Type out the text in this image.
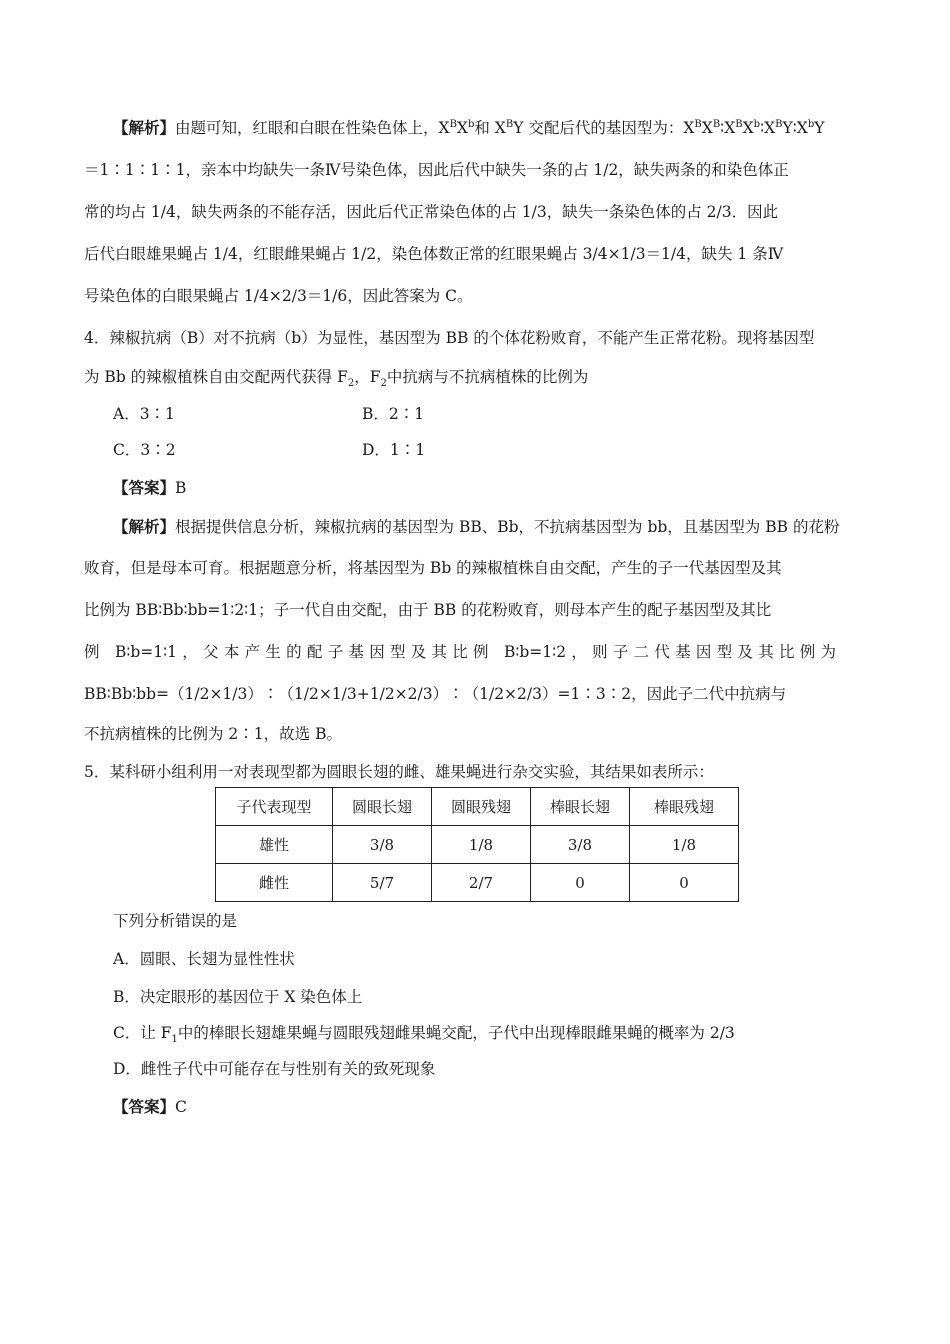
【解析】由题可知，红眼和白眼在性染色体上，$X^BX^b$和 $X^BY$ 交配后代的基因型为：$X^BX^B∶X^BX^b∶X^BY∶X^bY$
＝1∶1∶1∶1，亲本中均缺失一条Ⅳ号染色体，因此后代中缺失一条的占 1/2，缺失两条的和染色体正
常的均占 1/4，缺失两条的不能存活，因此后代正常染色体的占 1/3，缺失一条染色体的占 2/3．因此
后代白眼雄果蝇占 1/4，红眼雌果蝇占 1/2，染色体数正常的红眼果蝇占 3/4×1/3＝1/4，缺失 1 条Ⅳ
号染色体的白眼果蝇占 1/4×2/3＝1/6，因此答案为 C。
4．辣椒抗病（B）对不抗病（b）为显性，基因型为 BB 的个体花粉败育，不能产生正常花粉。现将基因型
为 Bb 的辣椒植株自由交配两代获得 $F_2$，$F_2$中抗病与不抗病植株的比例为
A．3∶1	B．2∶1
C．3∶2	D．1∶1
【答案】B
【解析】根据提供信息分析，辣椒抗病的基因型为 BB、Bb，不抗病基因型为 bb，且基因型为 BB 的花粉
败育，但是母本可育。根据题意分析，将基因型为 Bb 的辣椒植株自由交配，产生的子一代基因型及其
比例为 BB∶Bb∶bb=1∶2∶1；子一代自由交配，由于 BB 的花粉败育，则母本产生的配子基因型及其比
例 B∶b=1∶1，父本产生的配子基因型及其比例 B∶b=1∶2，则子二代基因型及其比例为
BB∶Bb∶bb=（1/2×1/3）∶（1/2×1/3+1/2×2/3）∶（1/2×2/3）=1∶3∶2，因此子二代中抗病与
不抗病植株的比例为 2∶1，故选 B。
5．某科研小组利用一对表现型都为圆眼长翅的雌、雄果蝇进行杂交实验，其结果如表所示：
子代表现型	圆眼长翅	圆眼残翅	棒眼长翅	棒眼残翅
雄性	3/8	1/8	3/8	1/8
雌性	5/7	2/7	0	0
下列分析错误的是
A．圆眼、长翅为显性性状
B．决定眼形的基因位于 X 染色体上
C．让 $F_1$中的棒眼长翅雄果蝇与圆眼残翅雌果蝇交配，子代中出现棒眼雌果蝇的概率为 2/3
D．雌性子代中可能存在与性别有关的致死现象
【答案】C
